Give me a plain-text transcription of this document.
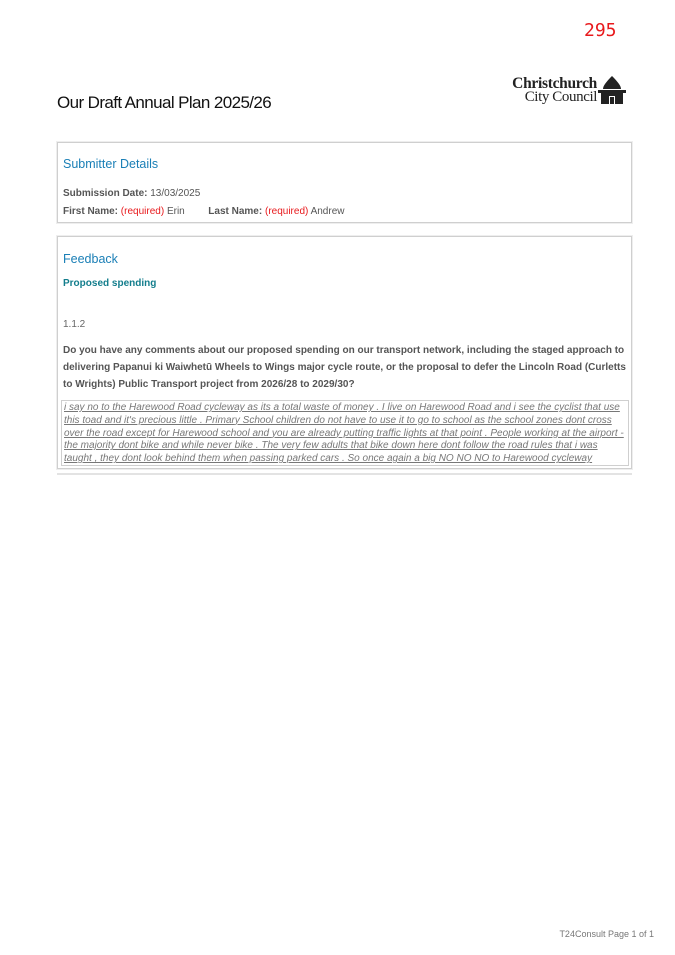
295
Our Draft Annual Plan 2025/26
Christchurch
City Council
Submitter Details
Submission Date: 13/03/2025
First Name: (required) Erin Last Name: (required) Andrew
Feedback
Proposed spending
1.1.2
Do you have any comments about our proposed spending on our transport network, including the staged approach to delivering Papanui ki Waiwhetū Wheels to Wings major cycle route, or the proposal to defer the Lincoln Road (Curletts to Wrights) Public Transport project from 2026/28 to 2029/30?
i say no to the Harewood Road cycleway as its a total waste of money . I live on Harewood Road and i see the cyclist that use this toad and it's precious little . Primary School children do not have to use it to go to school as the school zones dont cross over the road except for Harewood school and you are already putting traffic lights at that point . People working at the airport - the majority dont bike and while never bike . The very few adults that bike down here dont follow the road rules that i was taught , they dont look behind them when passing parked cars . So once again a big NO NO NO to Harewood cycleway
T24Consult Page 1 of 1
